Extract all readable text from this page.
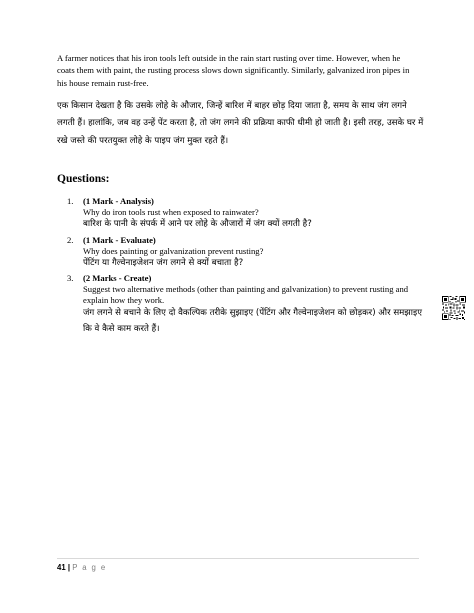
A farmer notices that his iron tools left outside in the rain start rusting over time. However, when he coats them with paint, the rusting process slows down significantly. Similarly, galvanized iron pipes in his house remain rust-free.

एक किसान देखता है कि उसके लोहे के औजार, जिन्हें बारिश में बाहर छोड़ दिया जाता है, समय के साथ जंग लगने लगती हैं। हालांकि, जब वह उन्हें पेंट करता है, तो जंग लगने की प्रक्रिया काफी धीमी हो जाती है। इसी तरह, उसके घर में रखे जस्ते की परतयुक्त लोहे के पाइप जंग मुक्त रहते हैं।

Questions:
1. (1 Mark - Analysis)
Why do iron tools rust when exposed to rainwater?
बारिश के पानी के संपर्क में आने पर लोहे के औजारों में जंग क्यों लगती है?
2. (1 Mark - Evaluate)
Why does painting or galvanization prevent rusting?
पेंटिंग या गैल्वेनाइजेशन जंग लगने से क्यों बचाता है?
3. (2 Marks - Create)
Suggest two alternative methods (other than painting and galvanization) to prevent rusting and explain how they work.
जंग लगने से बचाने के लिए दो वैकल्पिक तरीके सुझाइए (पेंटिंग और गैल्वेनाइजेशन को छोड़कर) और समझाइए कि वे कैसे काम करते हैं।
41 | P a g e
